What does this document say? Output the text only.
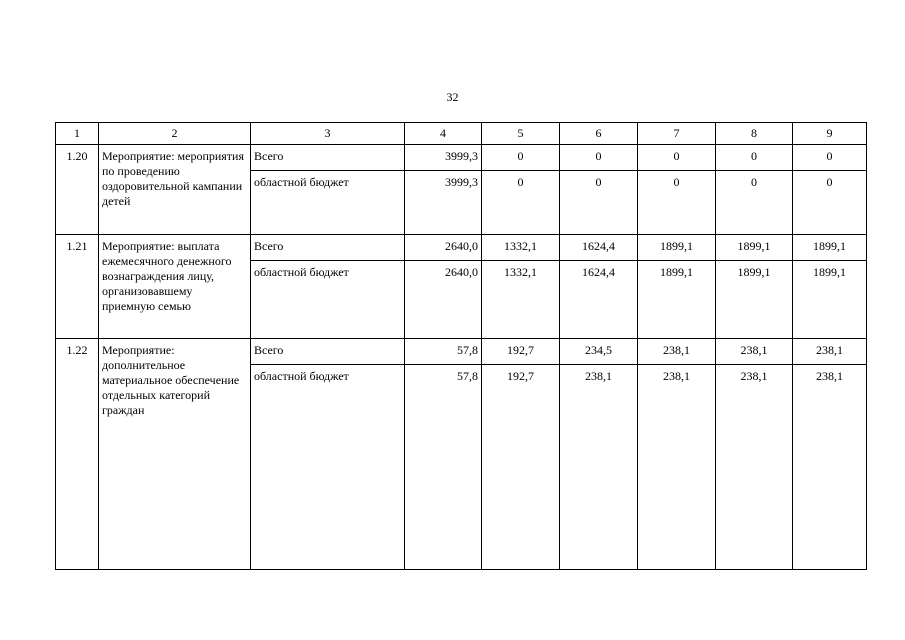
32
1	2	3	4	5	6	7	8	9
1.20	Мероприятие: мероприятия по проведению оздоровительной кампании детей	Всего	3999,3	0	0	0	0	0
		областной бюджет	3999,3	0	0	0	0	0
1.21	Мероприятие: выплата ежемесячного денежного вознаграждения лицу, организовавшему приемную семью	Всего	2640,0	1332,1	1624,4	1899,1	1899,1	1899,1
		областной бюджет	2640,0	1332,1	1624,4	1899,1	1899,1	1899,1
1.22	Мероприятие: дополнительное материальное обеспечение отдельных категорий граждан	Всего	57,8	192,7	234,5	238,1	238,1	238,1
		областной бюджет	57,8	192,7	238,1	238,1	238,1	238,1
